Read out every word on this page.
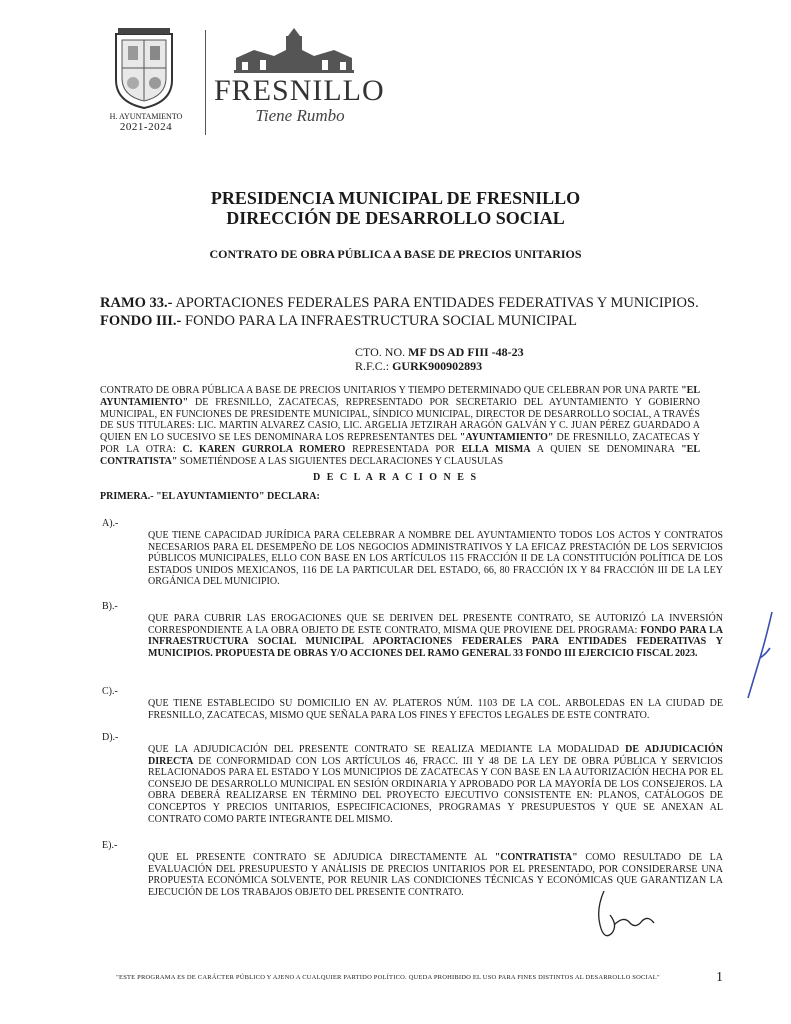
H. AYUNTAMIENTO
2021-2024
FRESNILLO
Tiene Rumbo
PRESIDENCIA MUNICIPAL DE FRESNILLO
DIRECCIÓN DE DESARROLLO SOCIAL
CONTRATO DE OBRA PÚBLICA A BASE DE PRECIOS UNITARIOS
RAMO 33.- APORTACIONES FEDERALES PARA ENTIDADES FEDERATIVAS Y MUNICIPIOS.
FONDO III.- FONDO PARA LA INFRAESTRUCTURA SOCIAL MUNICIPAL
CTO. NO. MF DS AD FIII -48-23
R.F.C.: GURK900902893
CONTRATO DE OBRA PÚBLICA A BASE DE PRECIOS UNITARIOS Y TIEMPO DETERMINADO QUE CELEBRAN POR UNA PARTE "EL AYUNTAMIENTO" DE FRESNILLO, ZACATECAS, REPRESENTADO POR SECRETARIO DEL AYUNTAMIENTO Y GOBIERNO MUNICIPAL, EN FUNCIONES DE PRESIDENTE MUNICIPAL, SÍNDICO MUNICIPAL, DIRECTOR DE DESARROLLO SOCIAL, A TRAVÉS DE SUS TITULARES: LIC. MARTIN ALVAREZ CASIO, LIC. ARGELIA JETZIRAH ARAGÓN GALVÁN Y C. JUAN PÉREZ GUARDADO A QUIEN EN LO SUCESIVO SE LES DENOMINARA LOS REPRESENTANTES DEL "AYUNTAMIENTO" DE FRESNILLO, ZACATECAS Y POR LA OTRA: C. KAREN GURROLA ROMERO REPRESENTADA POR ELLA MISMA A QUIEN SE DENOMINARA "EL CONTRATISTA" SOMETIÉNDOSE A LAS SIGUIENTES DECLARACIONES Y CLAUSULAS
D E C L A R A C I O N E S
PRIMERA.- "EL AYUNTAMIENTO" DECLARA:
A).-
QUE TIENE CAPACIDAD JURÍDICA PARA CELEBRAR A NOMBRE DEL AYUNTAMIENTO TODOS LOS ACTOS Y CONTRATOS NECESARIOS PARA EL DESEMPEÑO DE LOS NEGOCIOS ADMINISTRATIVOS Y LA EFICAZ PRESTACIÓN DE LOS SERVICIOS PÚBLICOS MUNICIPALES, ELLO CON BASE EN LOS ARTÍCULOS 115 FRACCIÓN II DE LA CONSTITUCIÓN POLÍTICA DE LOS ESTADOS UNIDOS MEXICANOS, 116 DE LA PARTICULAR DEL ESTADO, 66, 80 FRACCIÓN IX Y 84 FRACCIÓN III DE LA LEY ORGÁNICA DEL MUNICIPIO.
B).-
QUE PARA CUBRIR LAS EROGACIONES QUE SE DERIVEN DEL PRESENTE CONTRATO, SE AUTORIZÓ LA INVERSIÓN CORRESPONDIENTE A LA OBRA OBJETO DE ESTE CONTRATO, MISMA QUE PROVIENE DEL PROGRAMA: FONDO PARA LA INFRAESTRUCTURA SOCIAL MUNICIPAL APORTACIONES FEDERALES PARA ENTIDADES FEDERATIVAS Y MUNICIPIOS. PROPUESTA DE OBRAS Y/O ACCIONES DEL RAMO GENERAL 33 FONDO III EJERCICIO FISCAL 2023.
C).-
QUE TIENE ESTABLECIDO SU DOMICILIO EN AV. PLATEROS NÚM. 1103 DE LA COL. ARBOLEDAS EN LA CIUDAD DE FRESNILLO, ZACATECAS, MISMO QUE SEÑALA PARA LOS FINES Y EFECTOS LEGALES DE ESTE CONTRATO.
D).-
QUE LA ADJUDICACIÓN DEL PRESENTE CONTRATO SE REALIZA MEDIANTE LA MODALIDAD DE ADJUDICACIÓN DIRECTA DE CONFORMIDAD CON LOS ARTÍCULOS 46, FRACC. III Y 48 DE LA LEY DE OBRA PÚBLICA Y SERVICIOS RELACIONADOS PARA EL ESTADO Y LOS MUNICIPIOS DE ZACATECAS Y CON BASE EN LA AUTORIZACIÓN HECHA POR EL CONSEJO DE DESARROLLO MUNICIPAL EN SESIÓN ORDINARIA Y APROBADO POR LA MAYORÍA DE LOS CONSEJEROS. LA OBRA DEBERÁ REALIZARSE EN TÉRMINO DEL PROYECTO EJECUTIVO CONSISTENTE EN: PLANOS, CATÁLOGOS DE CONCEPTOS Y PRECIOS UNITARIOS, ESPECIFICACIONES, PROGRAMAS Y PRESUPUESTOS Y QUE SE ANEXAN AL CONTRATO COMO PARTE INTEGRANTE DEL MISMO.
E).-
QUE EL PRESENTE CONTRATO SE ADJUDICA DIRECTAMENTE AL "CONTRATISTA" COMO RESULTADO DE LA EVALUACIÓN DEL PRESUPUESTO Y ANÁLISIS DE PRECIOS UNITARIOS POR EL PRESENTADO, POR CONSIDERARSE UNA PROPUESTA ECONÓMICA SOLVENTE, POR REUNIR LAS CONDICIONES TÉCNICAS Y ECONÓMICAS QUE GARANTIZAN LA EJECUCIÓN DE LOS TRABAJOS OBJETO DEL PRESENTE CONTRATO.
"ESTE PROGRAMA ES DE CARÁCTER PÚBLICO Y AJENO A CUALQUIER PARTIDO POLÍTICO. QUEDA PROHIBIDO EL USO PARA FINES DISTINTOS AL DESARROLLO SOCIAL"	1
